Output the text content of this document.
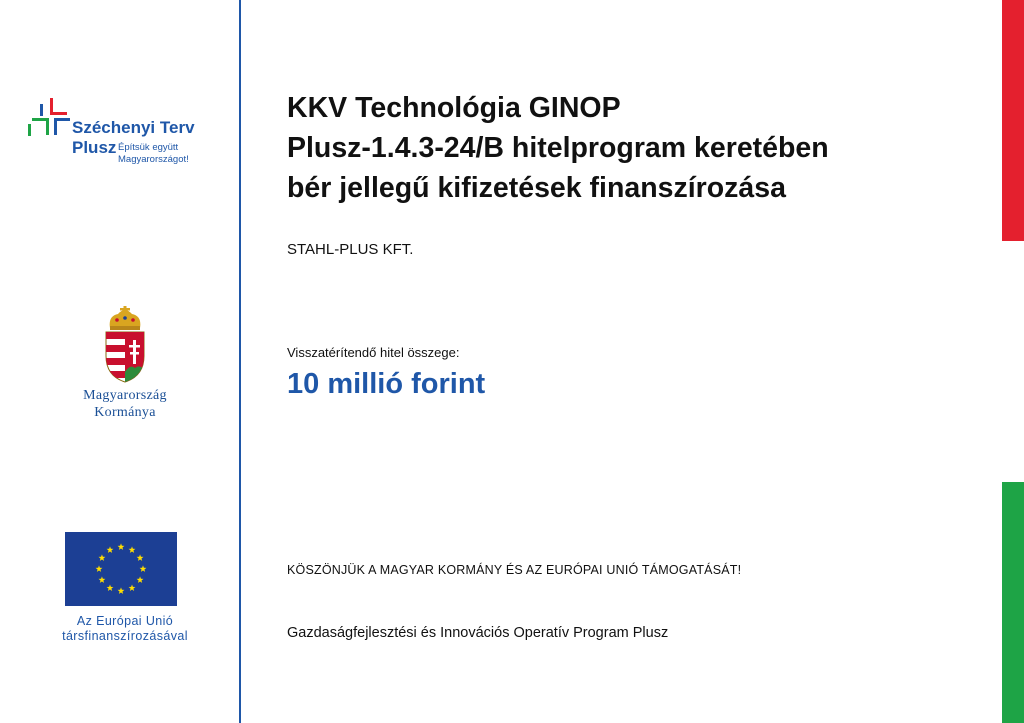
Széchenyi Terv
Plusz Építsük együtt
Magyarországot!
Magyarország
Kormánya
Az Európai Unió
társfinanszírozásával
KKV Technológia GINOP
Plusz-1.4.3-24/B hitelprogram keretében
bér jellegű kifizetések finanszírozása
STAHL-PLUS KFT.
Visszatérítendő hitel összege:
10 millió forint
KÖSZÖNJÜK A MAGYAR KORMÁNY ÉS AZ EURÓPAI UNIÓ TÁMOGATÁSÁT!
Gazdaságfejlesztési és Innovációs Operatív Program Plusz
